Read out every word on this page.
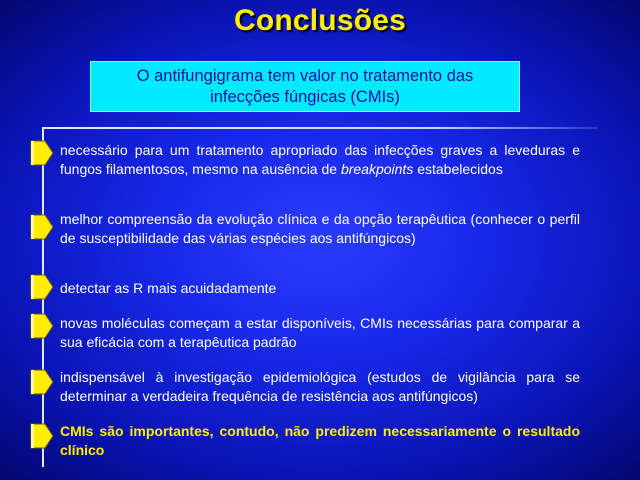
Conclusões
O antifungigrama tem valor no tratamento das
infecções fúngicas (CMIs)
necessário para um tratamento apropriado das infecções graves a leveduras e fungos filamentosos, mesmo na ausência de breakpoints estabelecidos
melhor compreensão da evolução clínica e da opção terapêutica (conhecer o perfil de susceptibilidade das várias espécies aos antifúngicos)
detectar as R mais acuidadamente
novas moléculas começam a estar disponíveis, CMIs necessárias para comparar a sua eficácia com a terapêutica padrão
indispensável à investigação epidemiológica (estudos de vigilância para se determinar a verdadeira frequência de resistência aos antifúngicos)
CMIs são importantes, contudo, não predizem necessariamente o resultado clínico
